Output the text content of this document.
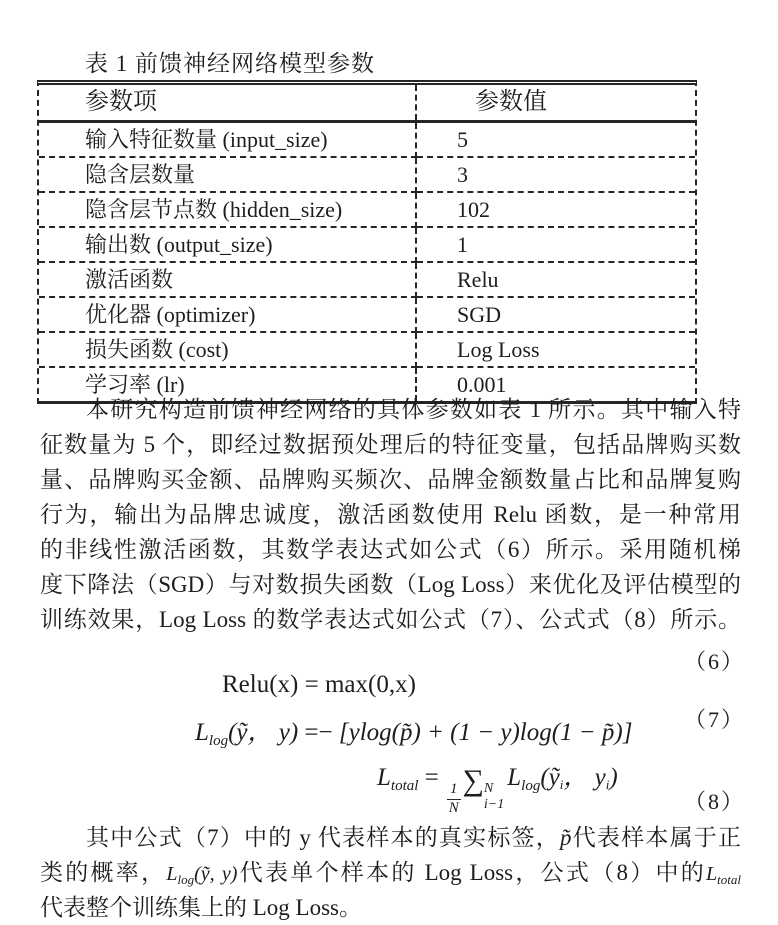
表 1 前馈神经网络模型参数
参数项	参数值
输入特征数量 (input_size)	5
隐含层数量	3
隐含层节点数 (hidden_size)	102
输出数 (output_size)	1
激活函数	Relu
优化器 (optimizer)	SGD
损失函数 (cost)	Log Loss
学习率 (lr)	0.001
本研究构造前馈神经网络的具体参数如表 1 所示。其中输入特
征数量为 5 个，即经过数据预处理后的特征变量，包括品牌购买数
量、品牌购买金额、品牌购买频次、品牌金额数量占比和品牌复购
行为，输出为品牌忠诚度，激活函数使用 Relu 函数，是一种常用
的非线性激活函数，其数学表达式如公式（6）所示。采用随机梯
度下降法（SGD）与对数损失函数（Log Loss）来优化及评估模型的
训练效果，Log Loss 的数学表达式如公式（7）、公式式（8）所示。
（6）
Relu(x) = max(0,x)
（7）
$L_{log}(ỹ$， y) =− [ylog(p̃) + (1 − y)log(1 − p̃)]
（8）
$L_{total}$ =
$\frac{1}{N}$
∑ N
i−1
$L_{log}(ỹ_i$， $y_i$)
其中公式（7）中的 y 代表样本的真实标签，p̃代表样本属于正
类的概率，$L_{log}(ỹ$, y)代表单个样本的 Log Loss，公式（8）中的$L_{total}$
代表整个训练集上的 Log Loss。
